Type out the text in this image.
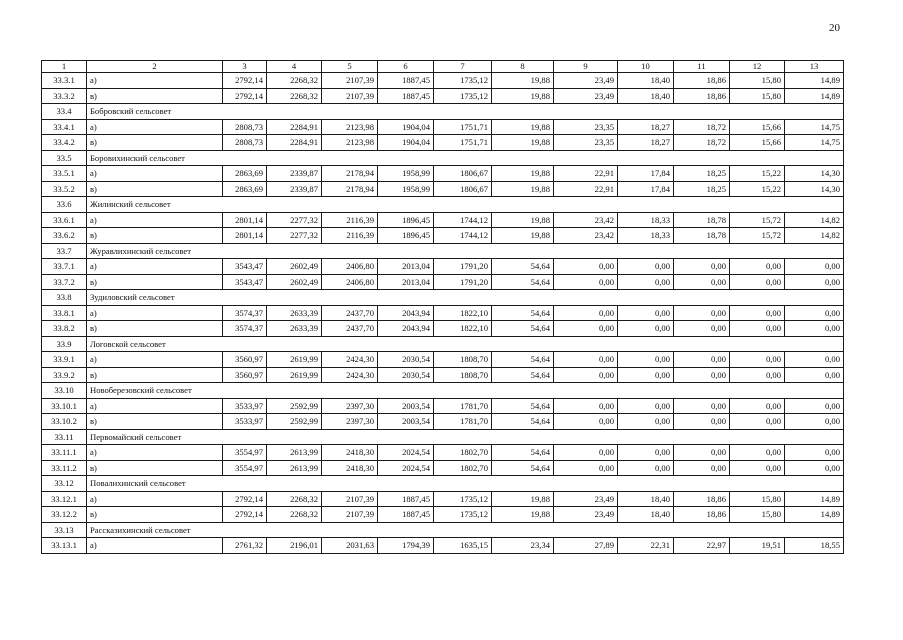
20
1	2	3	4	5	6	7	8	9	10	11	12	13
33.3.1	а)	2792,14	2268,32	2107,39	1887,45	1735,12	19,88	23,49	18,40	18,86	15,80	14,89
33.3.2	в)	2792,14	2268,32	2107,39	1887,45	1735,12	19,88	23,49	18,40	18,86	15,80	14,89
33.4	Бобровский сельсовет											
33.4.1	а)	2808,73	2284,91	2123,98	1904,04	1751,71	19,88	23,35	18,27	18,72	15,66	14,75
33.4.2	в)	2808,73	2284,91	2123,98	1904,04	1751,71	19,88	23,35	18,27	18,72	15,66	14,75
33.5	Боровихинский сельсовет											
33.5.1	а)	2863,69	2339,87	2178,94	1958,99	1806,67	19,88	22,91	17,84	18,25	15,22	14,30
33.5.2	в)	2863,69	2339,87	2178,94	1958,99	1806,67	19,88	22,91	17,84	18,25	15,22	14,30
33.6	Жилинский сельсовет											
33.6.1	а)	2801,14	2277,32	2116,39	1896,45	1744,12	19,88	23,42	18,33	18,78	15,72	14,82
33.6.2	в)	2801,14	2277,32	2116,39	1896,45	1744,12	19,88	23,42	18,33	18,78	15,72	14,82
33.7	Журавлихинский сельсовет											
33.7.1	а)	3543,47	2602,49	2406,80	2013,04	1791,20	54,64	0,00	0,00	0,00	0,00	0,00
33.7.2	в)	3543,47	2602,49	2406,80	2013,04	1791,20	54,64	0,00	0,00	0,00	0,00	0,00
33.8	Зудиловский сельсовет											
33.8.1	а)	3574,37	2633,39	2437,70	2043,94	1822,10	54,64	0,00	0,00	0,00	0,00	0,00
33.8.2	в)	3574,37	2633,39	2437,70	2043,94	1822,10	54,64	0,00	0,00	0,00	0,00	0,00
33.9	Логовской сельсовет											
33.9.1	а)	3560,97	2619,99	2424,30	2030,54	1808,70	54,64	0,00	0,00	0,00	0,00	0,00
33.9.2	в)	3560,97	2619,99	2424,30	2030,54	1808,70	54,64	0,00	0,00	0,00	0,00	0,00
33.10	Новоберезовский сельсовет											
33.10.1	а)	3533,97	2592,99	2397,30	2003,54	1781,70	54,64	0,00	0,00	0,00	0,00	0,00
33.10.2	в)	3533,97	2592,99	2397,30	2003,54	1781,70	54,64	0,00	0,00	0,00	0,00	0,00
33.11	Первомайский сельсовет											
33.11.1	а)	3554,97	2613,99	2418,30	2024,54	1802,70	54,64	0,00	0,00	0,00	0,00	0,00
33.11.2	в)	3554,97	2613,99	2418,30	2024,54	1802,70	54,64	0,00	0,00	0,00	0,00	0,00
33.12	Повалихинский сельсовет											
33.12.1	а)	2792,14	2268,32	2107,39	1887,45	1735,12	19,88	23,49	18,40	18,86	15,80	14,89
33.12.2	в)	2792,14	2268,32	2107,39	1887,45	1735,12	19,88	23,49	18,40	18,86	15,80	14,89
33.13	Рассказихинский сельсовет											
33.13.1	а)	2761,32	2196,01	2031,63	1794,39	1635,15	23,34	27,89	22,31	22,97	19,51	18,55
